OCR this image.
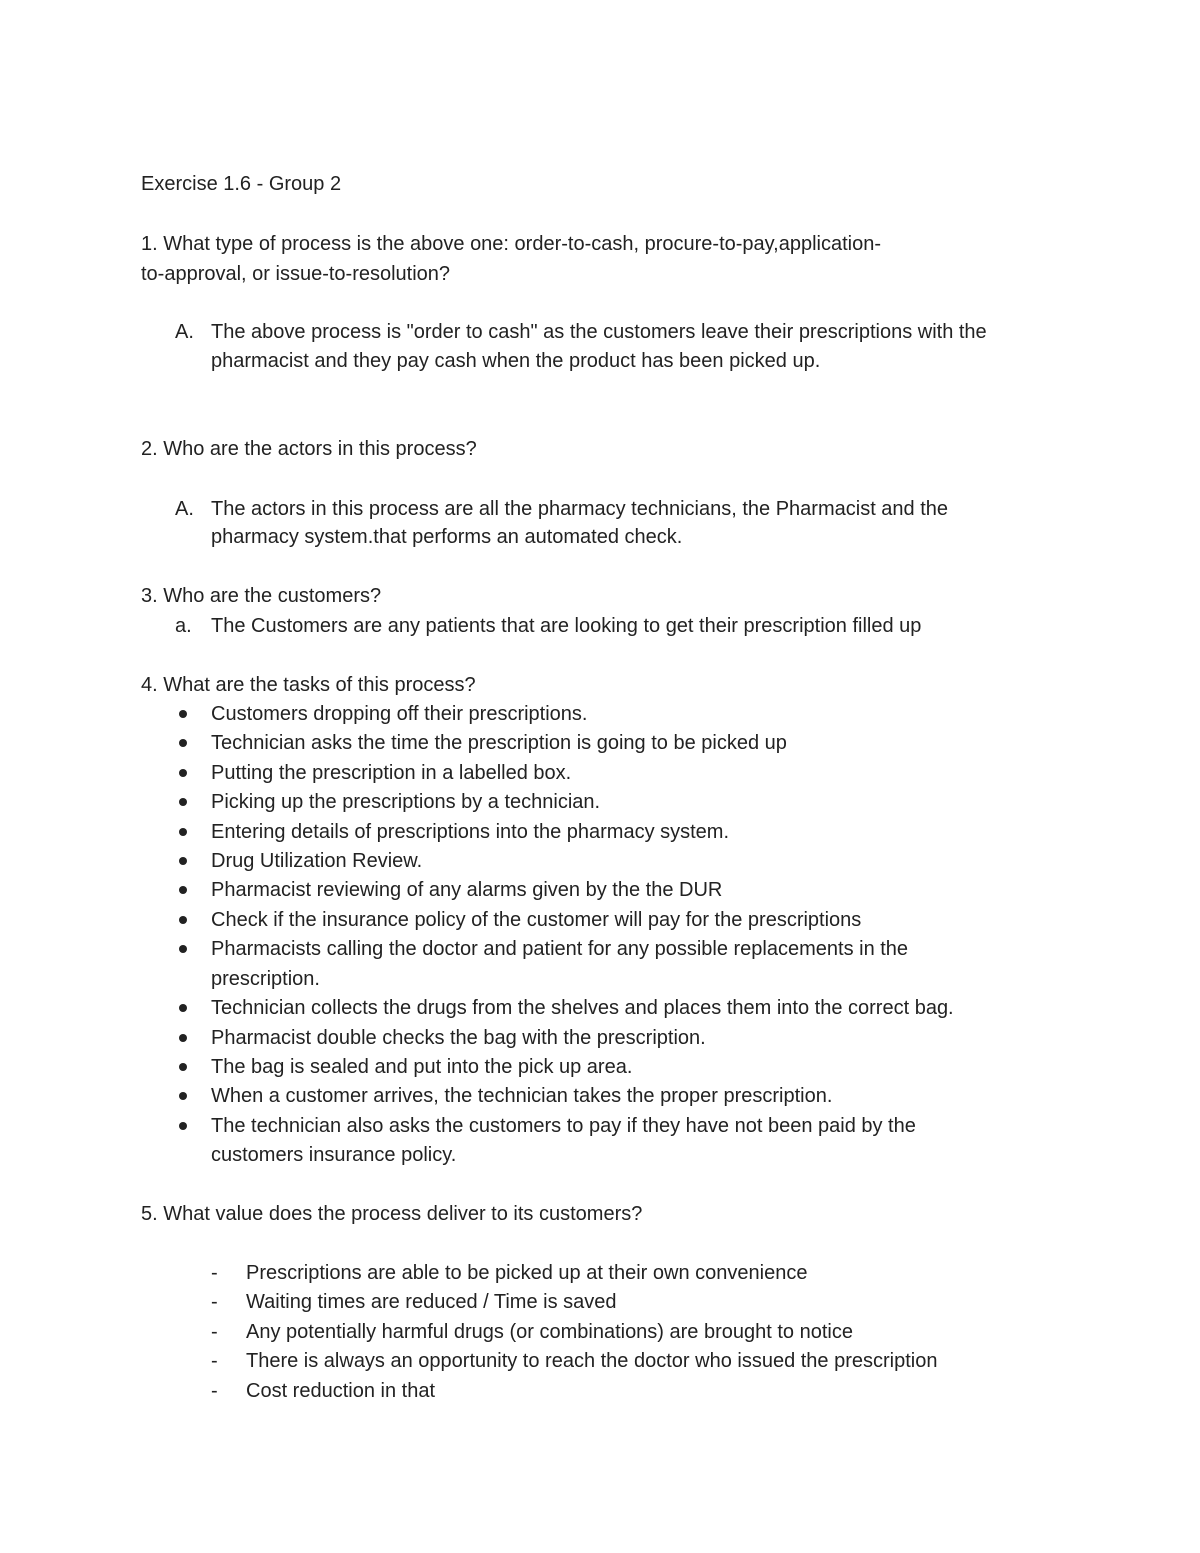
Exercise 1.6 - Group 2
1. What type of process is the above one: order-to-cash, procure-to-pay,application-
to-approval, or issue-to-resolution?
A. The above process is "order to cash" as the customers leave their prescriptions with the
pharmacist and they pay cash when the product has been picked up.
2. Who are the actors in this process?
A. The actors in this process are all the pharmacy technicians, the Pharmacist and the
pharmacy system.that performs an automated check.
3. Who are the customers?
a. The Customers are any patients that are looking to get their prescription filled up
4. What are the tasks of this process?
Customers dropping off their prescriptions.
Technician asks the time the prescription is going to be picked up
Putting the prescription in a labelled box.
Picking up the prescriptions by a technician.
Entering details of prescriptions into the pharmacy system.
Drug Utilization Review.
Pharmacist reviewing of any alarms given by the the DUR
Check if the insurance policy of the customer will pay for the prescriptions
Pharmacists calling the doctor and patient for any possible replacements in the
prescription.
Technician collects the drugs from the shelves and places them into the correct bag.
Pharmacist double checks the bag with the prescription.
The bag is sealed and put into the pick up area.
When a customer arrives, the technician takes the proper prescription.
The technician also asks the customers to pay if they have not been paid by the
customers insurance policy.
5. What value does the process deliver to its customers?
- Prescriptions are able to be picked up at their own convenience
- Waiting times are reduced / Time is saved
- Any potentially harmful drugs (or combinations) are brought to notice
- There is always an opportunity to reach the doctor who issued the prescription
- Cost reduction in that
